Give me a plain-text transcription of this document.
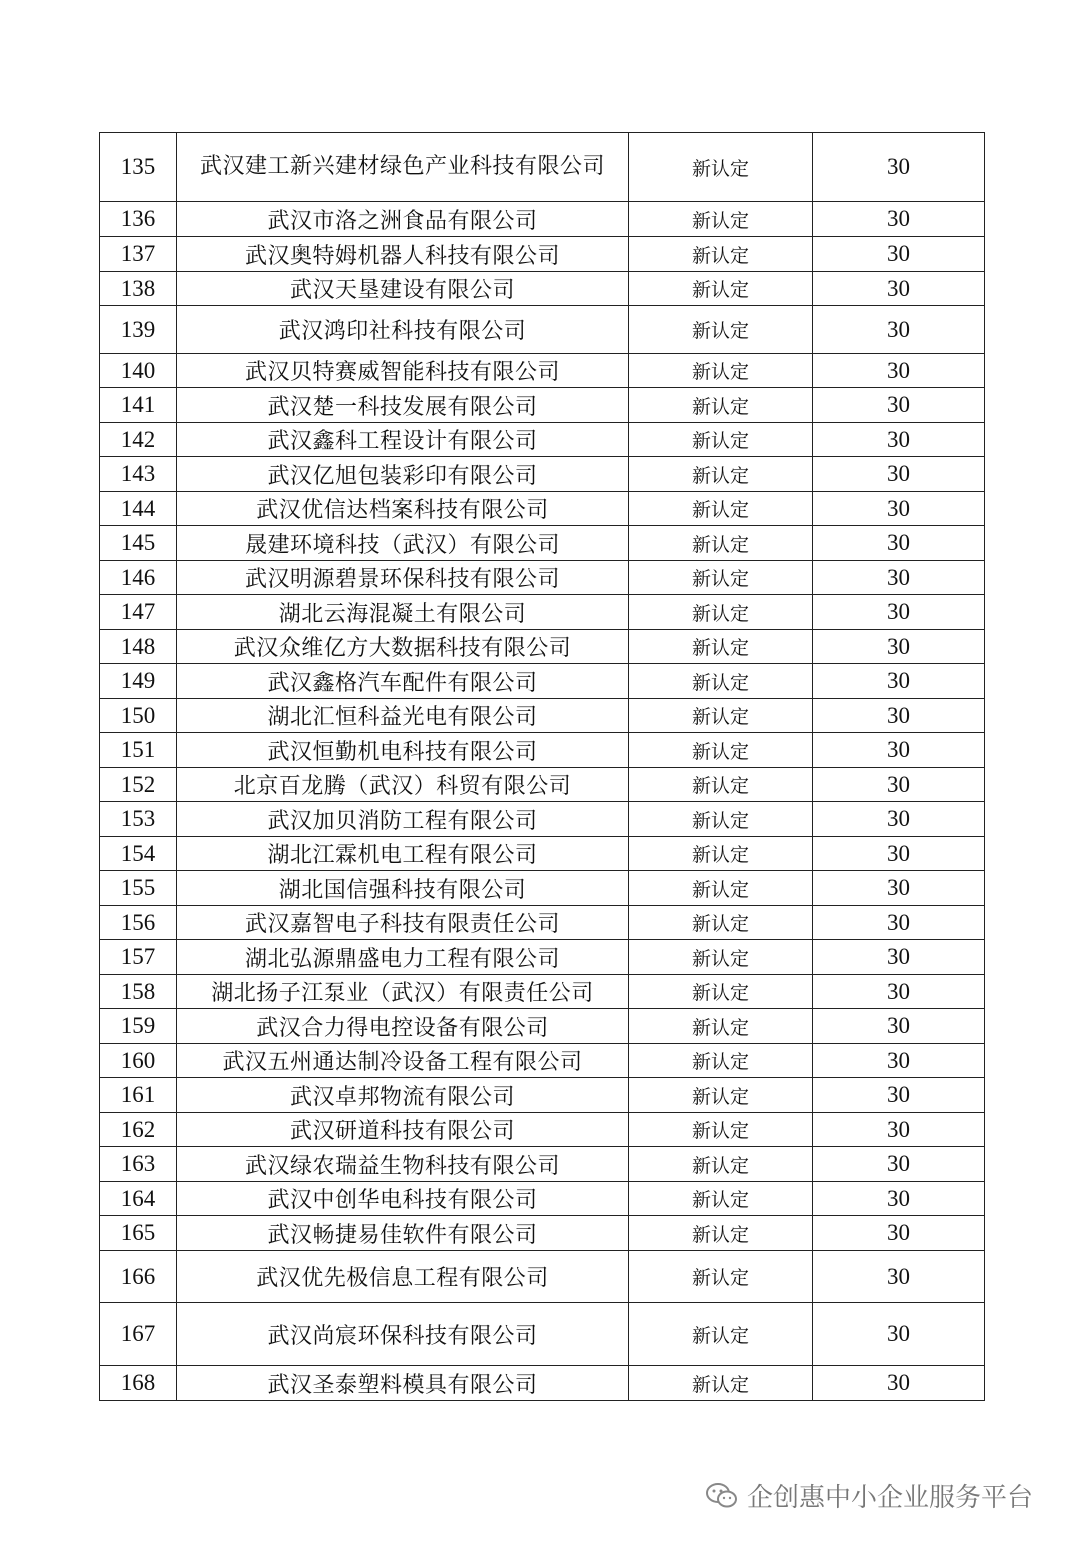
135	武汉建工新兴建材绿色产业科技有限公司	新认定	30
136	武汉市洛之洲食品有限公司	新认定	30
137	武汉奥特姆机器人科技有限公司	新认定	30
138	武汉天垦建设有限公司	新认定	30
139	武汉鸿印社科技有限公司	新认定	30
140	武汉贝特赛威智能科技有限公司	新认定	30
141	武汉楚一科技发展有限公司	新认定	30
142	武汉鑫科工程设计有限公司	新认定	30
143	武汉亿旭包装彩印有限公司	新认定	30
144	武汉优信达档案科技有限公司	新认定	30
145	晟建环境科技（武汉）有限公司	新认定	30
146	武汉明源碧景环保科技有限公司	新认定	30
147	湖北云海混凝土有限公司	新认定	30
148	武汉众维亿方大数据科技有限公司	新认定	30
149	武汉鑫格汽车配件有限公司	新认定	30
150	湖北汇恒科益光电有限公司	新认定	30
151	武汉恒勤机电科技有限公司	新认定	30
152	北京百龙腾（武汉）科贸有限公司	新认定	30
153	武汉加贝消防工程有限公司	新认定	30
154	湖北江霖机电工程有限公司	新认定	30
155	湖北国信强科技有限公司	新认定	30
156	武汉嘉智电子科技有限责任公司	新认定	30
157	湖北弘源鼎盛电力工程有限公司	新认定	30
158	湖北扬子江泵业（武汉）有限责任公司	新认定	30
159	武汉合力得电控设备有限公司	新认定	30
160	武汉五州通达制冷设备工程有限公司	新认定	30
161	武汉卓邦物流有限公司	新认定	30
162	武汉研道科技有限公司	新认定	30
163	武汉绿农瑞益生物科技有限公司	新认定	30
164	武汉中创华电科技有限公司	新认定	30
165	武汉畅捷易佳软件有限公司	新认定	30
166	武汉优先极信息工程有限公司	新认定	30
167	武汉尚宸环保科技有限公司	新认定	30
168	武汉圣泰塑料模具有限公司	新认定	30
企创惠中小企业服务平台
